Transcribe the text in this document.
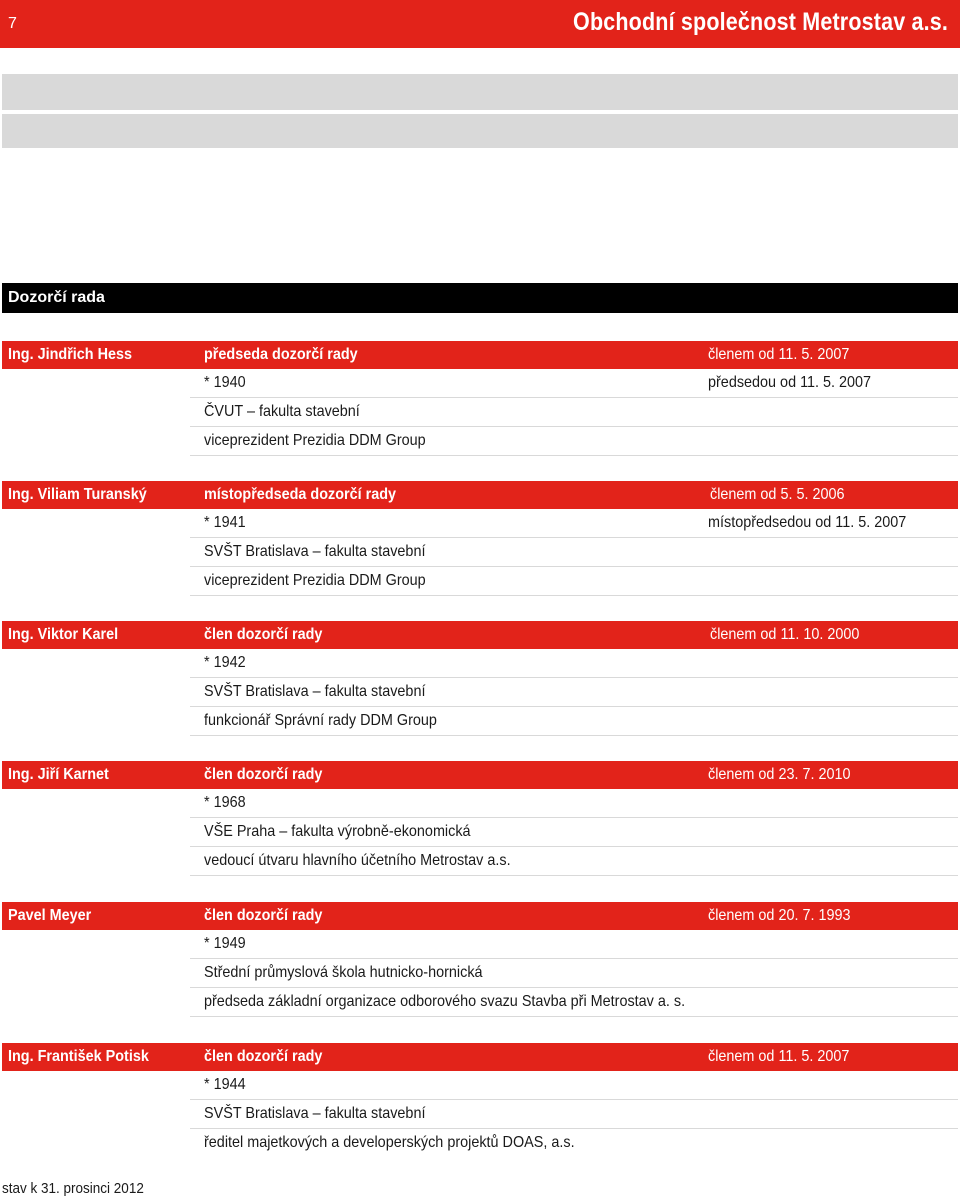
7	Obchodní společnost Metrostav a.s.
Dozorčí rada
Ing. Jindřich Hess	předseda dozorčí rady	členem od 11. 5. 2007
* 1940	předsedou od 11. 5. 2007
ČVUT – fakulta stavební
viceprezident Prezidia DDM Group
Ing. Viliam Turanský	místopředseda dozorčí rady	členem od 5. 5. 2006
* 1941	místopředsedou od 11. 5. 2007
SVŠT Bratislava – fakulta stavební
viceprezident Prezidia DDM Group
Ing. Viktor Karel	člen dozorčí rady	členem od 11. 10. 2000
* 1942
SVŠT Bratislava – fakulta stavební
funkcionář Správní rady DDM Group
Ing. Jiří Karnet	člen dozorčí rady	členem od 23. 7. 2010
* 1968
VŠE Praha – fakulta výrobně-ekonomická
vedoucí útvaru hlavního účetního Metrostav a.s.
Pavel Meyer	člen dozorčí rady	členem od 20. 7. 1993
* 1949
Střední průmyslová škola hutnicko-hornická
předseda základní organizace odborového svazu Stavba při Metrostav a. s.
Ing. František Potisk	člen dozorčí rady	členem od 11. 5. 2007
* 1944
SVŠT Bratislava – fakulta stavební
ředitel majetkových a developerských projektů DOAS, a.s.
stav k 31. prosinci 2012
